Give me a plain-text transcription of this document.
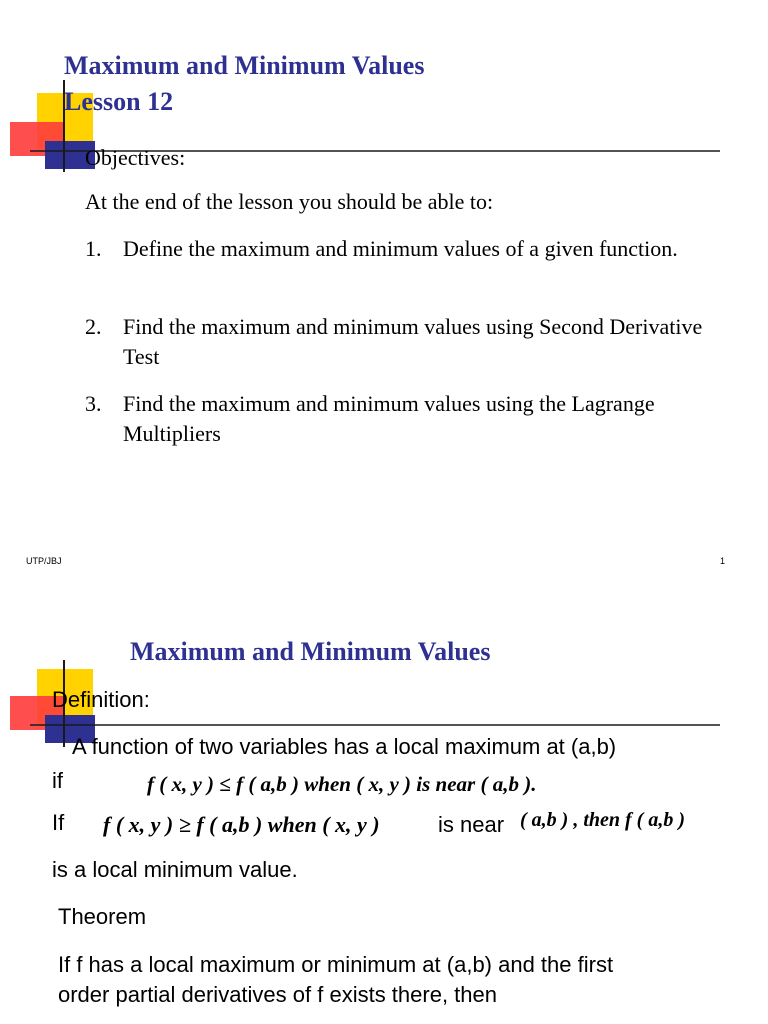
Maximum and Minimum Values
Lesson 12
Objectives:
At the end of the lesson you should be able to:
1. Define the maximum and minimum values of a given function.
2. Find the maximum and minimum values using Second Derivative Test
3. Find the maximum and minimum values using the Lagrange Multipliers
UTP/JBJ	1
Maximum and Minimum Values
Definition:
A function of two variables has a local maximum at (a,b)
if	f ( x, y ) ≤ f ( a,b ) when ( x, y ) is near ( a,b ).
If f ( x, y ) ≥ f ( a,b ) when ( x, y )	is near ( a,b ) , then f ( a,b )
is a local minimum value.
Theorem
If f has a local maximum or minimum at (a,b) and the first
order partial derivatives of f exists there, then
